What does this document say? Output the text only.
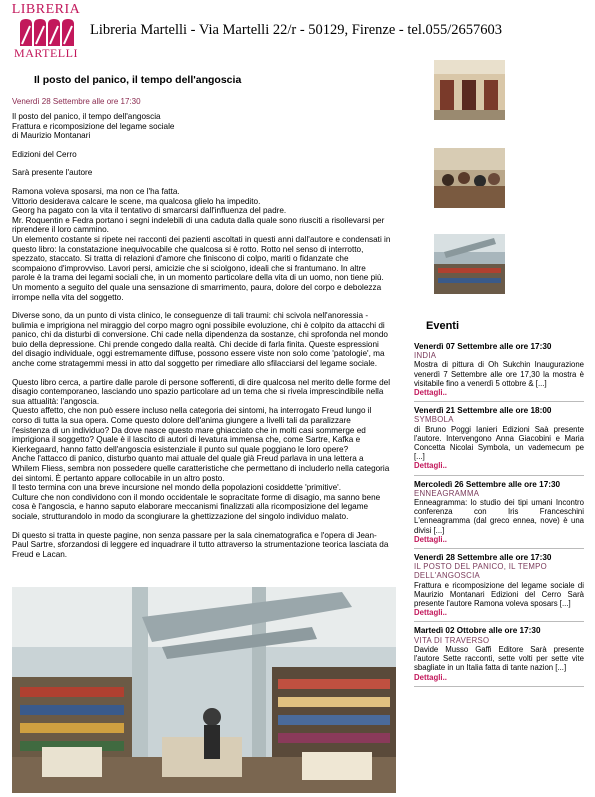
LIBRERIA
MARTELLI
Libreria Martelli - Via Martelli 22/r - 50129, Firenze - tel.055/2657603
Il posto del panico, il tempo dell'angoscia
Venerdì 28 Settembre alle ore 17:30

Il posto del panico, il tempo dell'angoscia
Frattura e ricomposizione del legame sociale
di Maurizio Montanari

Edizioni del Cerro

Sarà presente l'autore

Ramona voleva sposarsi, ma non ce l'ha fatta.
Vittorio desiderava calcare le scene, ma qualcosa glielo ha impedito.
Georg ha pagato con la vita il tentativo di smarcarsi dall'influenza del padre.
Mr. Roquentin e Fedra portano i segni indelebili di una caduta dalla quale sono riusciti a risollevarsi per
riprendere il loro cammino.
Un elemento costante si ripete nei racconti dei pazienti ascoltati in questi anni dall'autore e condensati in
questo libro: la constatazione inequivocabile che qualcosa si è rotto. Rotto nel senso di interrotto,
spezzato, staccato. Si tratta di relazioni d'amore che finiscono di colpo, mariti o fidanzate che
scompaiono d'improvviso. Lavori persi, amicizie che si sciolgono, ideali che si frantumano. In altre
parole è la trama dei legami sociali che, in un momento particolare della vita di un uomo, non tiene più.
Un momento a seguito del quale una sensazione di smarrimento, paura, dolore del corpo e debolezza
irrompe nella vita del soggetto.

Diverse sono, da un punto di vista clinico, le conseguenze di tali traumi: chi scivola nell'anoressia -
bulimia e imprigiona nel miraggio del corpo magro ogni possibile evoluzione, chi è colpito da attacchi di
panico, chi da disturbi di conversione. Chi cade nella dipendenza da sostanze, chi sprofonda nel mondo
buio della depressione. Chi prende congedo dalla realtà. Chi decide di farla finita. Queste espressioni
del disagio individuale, oggi estremamente diffuse, possono essere viste non solo come 'patologie', ma
anche come stratagemmi messi in atto dal soggetto per rimediare allo sfilacciarsi del legame sociale.

Questo libro cerca, a partire dalle parole di persone sofferenti, di dire qualcosa nel merito delle forme del
disagio contemporaneo, lasciando uno spazio particolare ad un tema che si rivela imprescindibile nella
sua attualità: l'angoscia.
Questo affetto, che non può essere incluso nella categoria dei sintomi, ha interrogato Freud lungo il
corso di tutta la sua opera. Come questo dolore dell'anima giungere a livelli tali da paralizzare
l'esistenza di un individuo? Da dove nasce questo mare ghiacciato che in molti casi sommerge ed
imprigiona il soggetto? Quale è il lascito di autori di levatura immensa che, come Sartre, Kafka e
Kierkegaard, hanno fatto dell'angoscia esistenziale il punto sul quale poggiano le loro opere?
Anche l'attacco di panico, disturbo quanto mai attuale del quale già Freud parlava in una lettera a
Whilem Fliess, sembra non possedere quelle caratteristiche che permettano di includerlo nella categoria
dei sintomi. È pertanto appare collocabile in un altro posto.
Il testo termina con una breve incursione nel mondo della popolazioni cosiddette 'primitive'.
Culture che non condividono con il mondo occidentale le sopracitate forme di disagio, ma sanno bene
cosa è l'angoscia, e hanno saputo elaborare meccanismi finalizzati alla ricomposizione del legame
sociale, strutturandolo in modo da scongiurare la ghettizzazione del singolo individuo malato.

Di questo si tratta in queste pagine, non senza passare per la sala cinematografica e l'opera di Jean-
Paul Sartre, sforzandosi di leggere ed inquadrare il tutto attraverso la strumentazione teorica lasciata da
Freud e Lacan.

Eventi
Venerdì 07 Settembre alle ore 17:30
INDIA
Mostra di pittura di Oh Sukchin Inaugurazione venerdì 7 Settembre alle ore 17,30 la mostra è visitabile fino a venerdì 5 ottobre & [...]
Dettagli..
Venerdì 21 Settembre alle ore 18:00
SYMBOLA
di Bruno Poggi Ianieri Edizioni Saà presente l'autore. Intervengono Anna Giacobini e Maria Concetta Nicolai Symbola, un vademecum pe [...]
Dettagli..
Mercoledì 26 Settembre alle ore 17:30
ENNEAGRAMMA
Enneagramma: lo studio dei tipi umani Incontro conferenza con Iris Franceschini L'enneagramma (dal greco ennea, nove) è una divisi [...]
Dettagli..
Venerdì 28 Settembre alle ore 17:30
IL POSTO DEL PANICO, IL TEMPO DELL'ANGOSCIA
Frattura e ricomposizione del legame sociale di Maurizio Montanari Edizioni del Cerro Sarà presente l'autore Ramona voleva sposars [...]
Dettagli..
Martedì 02 Ottobre alle ore 17:30
VITA DI TRAVERSO
Davide Musso Gaffi Editore Sarà presente l'autore Sette racconti, sette volti per sette vite sbagliate in un Italia fatta di tante nazion [...]
Dettagli..
